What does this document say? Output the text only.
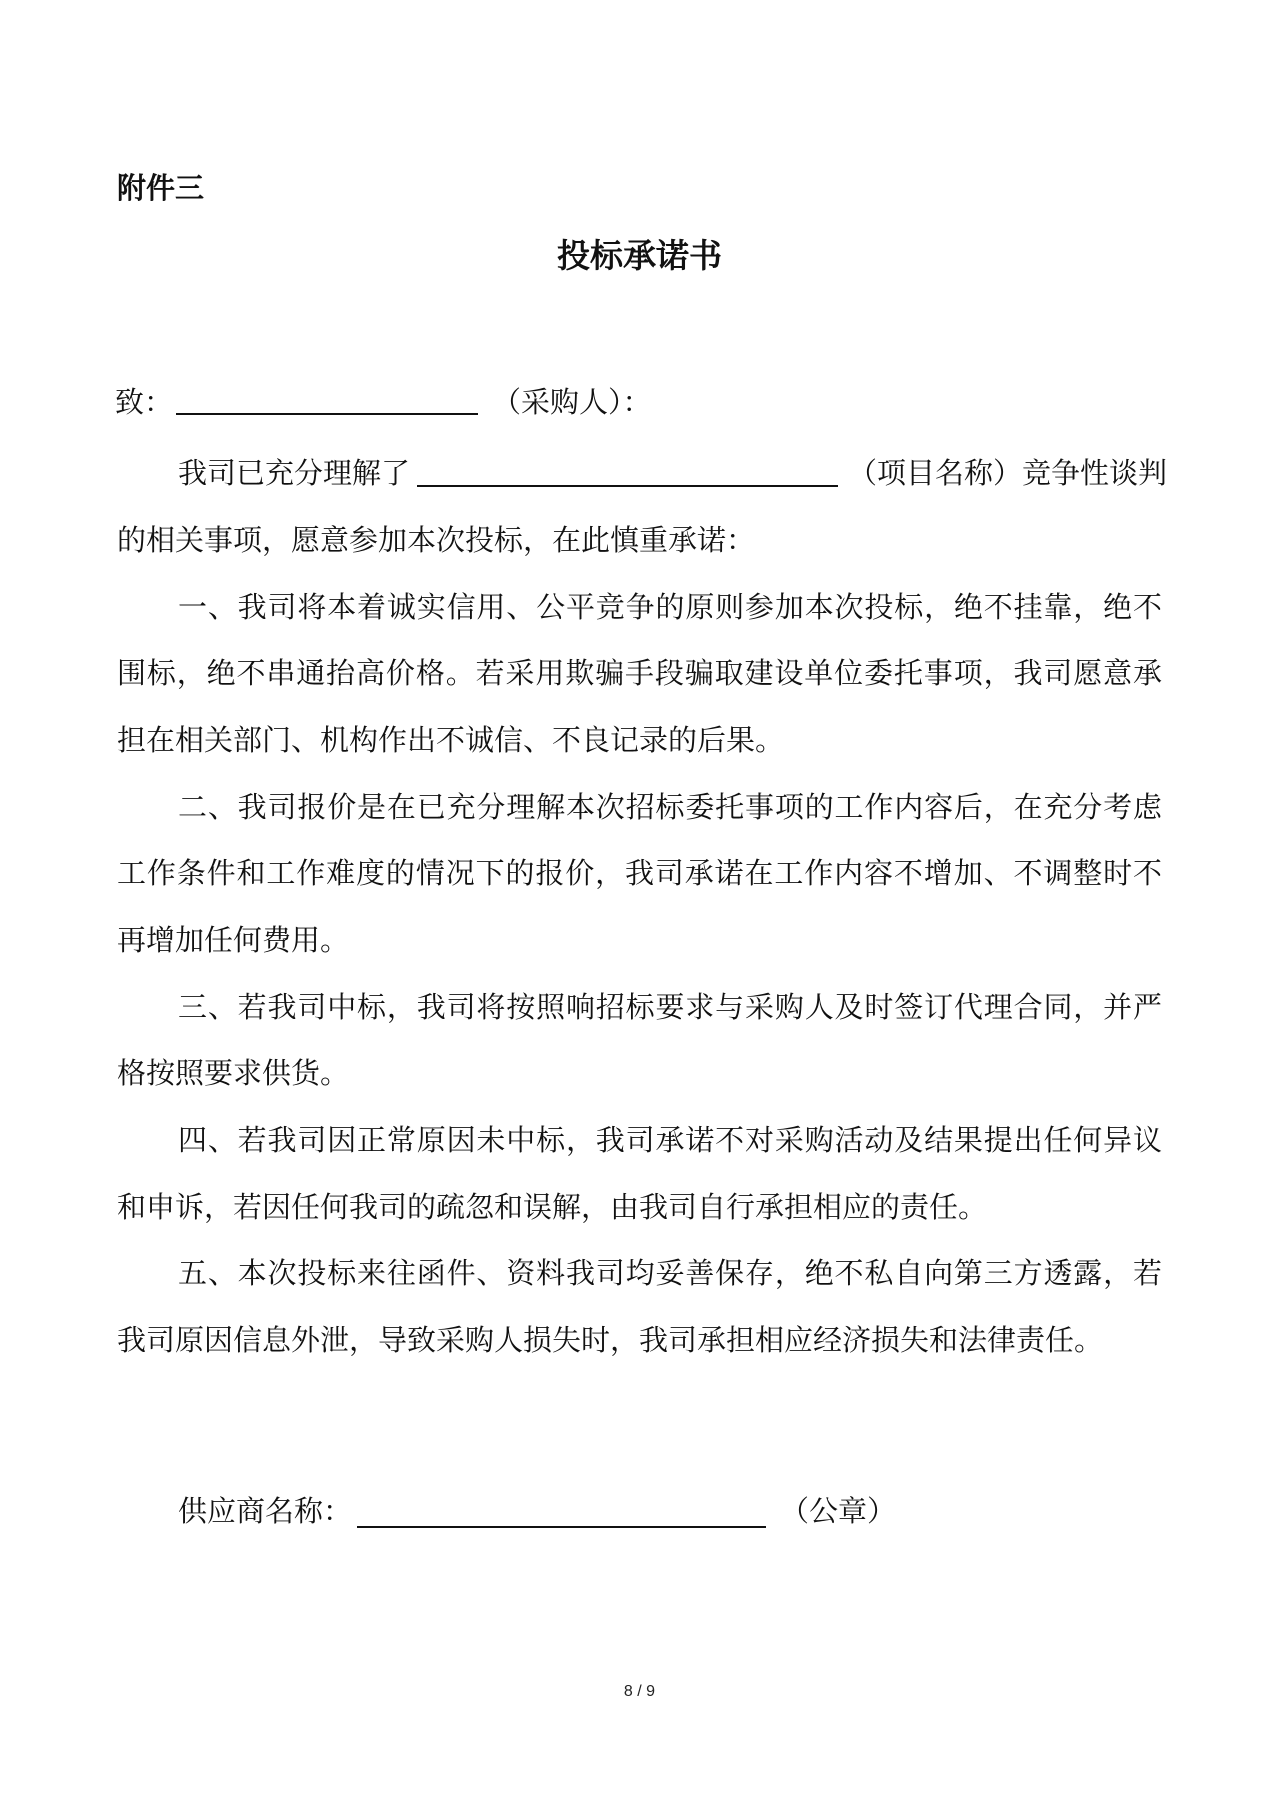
附件三
投标承诺书
致：	（采购人）：
我司已充分理解了	（项目名称）竞争性谈判
的相关事项，愿意参加本次投标，在此慎重承诺：
一、我司将本着诚实信用、公平竞争的原则参加本次投标，绝不挂靠，绝不
围标，绝不串通抬高价格。若采用欺骗手段骗取建设单位委托事项，我司愿意承
担在相关部门、机构作出不诚信、不良记录的后果。
二、我司报价是在已充分理解本次招标委托事项的工作内容后，在充分考虑
工作条件和工作难度的情况下的报价，我司承诺在工作内容不增加、不调整时不
再增加任何费用。
三、若我司中标，我司将按照响招标要求与采购人及时签订代理合同，并严
格按照要求供货。
四、若我司因正常原因未中标，我司承诺不对采购活动及结果提出任何异议
和申诉，若因任何我司的疏忽和误解，由我司自行承担相应的责任。
五、本次投标来往函件、资料我司均妥善保存，绝不私自向第三方透露，若
我司原因信息外泄，导致采购人损失时，我司承担相应经济损失和法律责任。
供应商名称：	（公章）
8 / 9
